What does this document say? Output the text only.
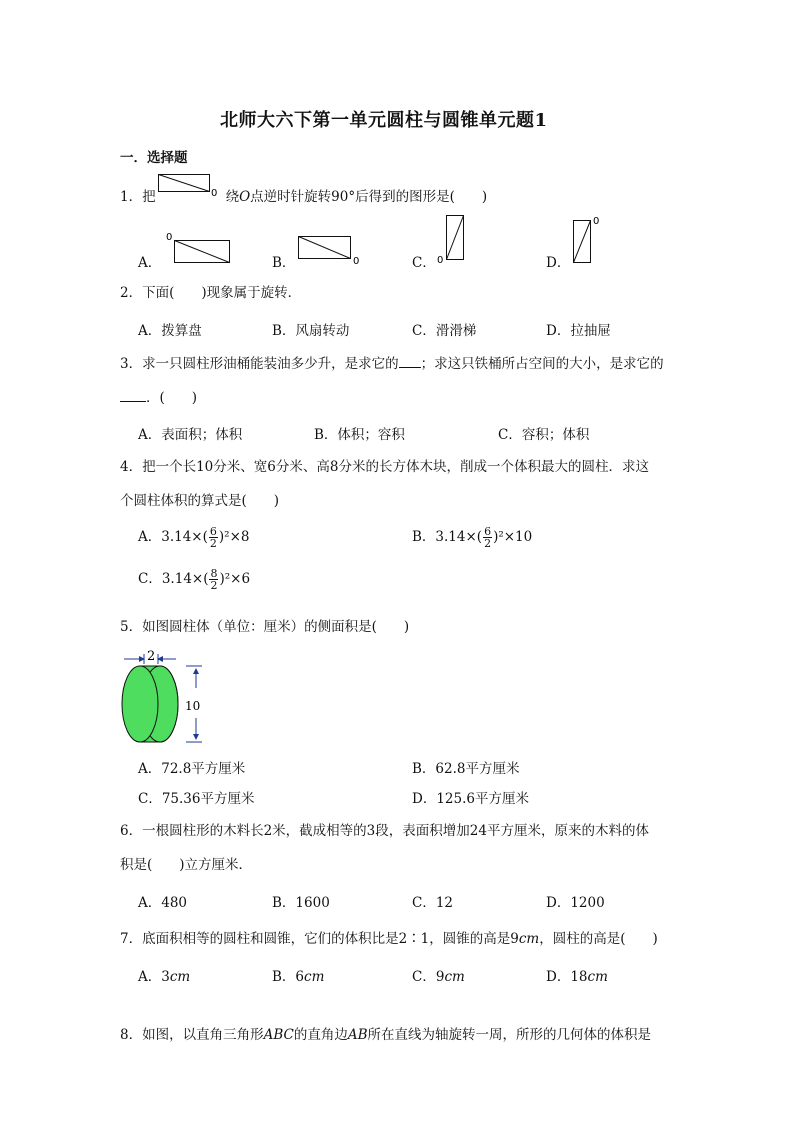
北师大六下第一单元圆柱与圆锥单元题1
一．选择题
1．把	绕O点逆时针旋转90°后得到的图形是(　　)
0
A．
0
B．	0	C． 0	D．
0
2．下面(　　)现象属于旋转．
A．拨算盘	B．风扇转动	C．滑滑梯	D．拉抽屉
3．求一只圆柱形油桶能装油多少升，是求它的 ；求这只铁桶所占空间的大小，是求它的
．(　　)
A．表面积；体积	B．体积；容积	C．容积；体积
4．把一个长10分米、宽6分米、高8分米的长方体木块，削成一个体积最大的圆柱．求这
个圆柱体积的算式是(　　)
A．$3.14\times( \frac{6}{2} )^2\times 8$	B．$3.14\times( \frac{6}{2} )^2\times 10$
C．$3.14\times( \frac{8}{2} )^2\times 6$
5．如图圆柱体（单位：厘米）的侧面积是(　　)
2
10
A．72.8平方厘米	B．62.8平方厘米
C．75.36平方厘米	D．125.6平方厘米
6．一根圆柱形的木料长2米，截成相等的3段，表面积增加24平方厘米，原来的木料的体
积是(　　)立方厘米．
A．480	B．1600	C．12	D．1200
7．底面积相等的圆柱和圆锥，它们的体积比是2∶1，圆锥的高是9cm，圆柱的高是(　　)
A．3cm	B．6cm	C．9cm	D．18cm
8．如图，以直角三角形ABC的直角边AB所在直线为轴旋转一周，所形的几何体的体积是
